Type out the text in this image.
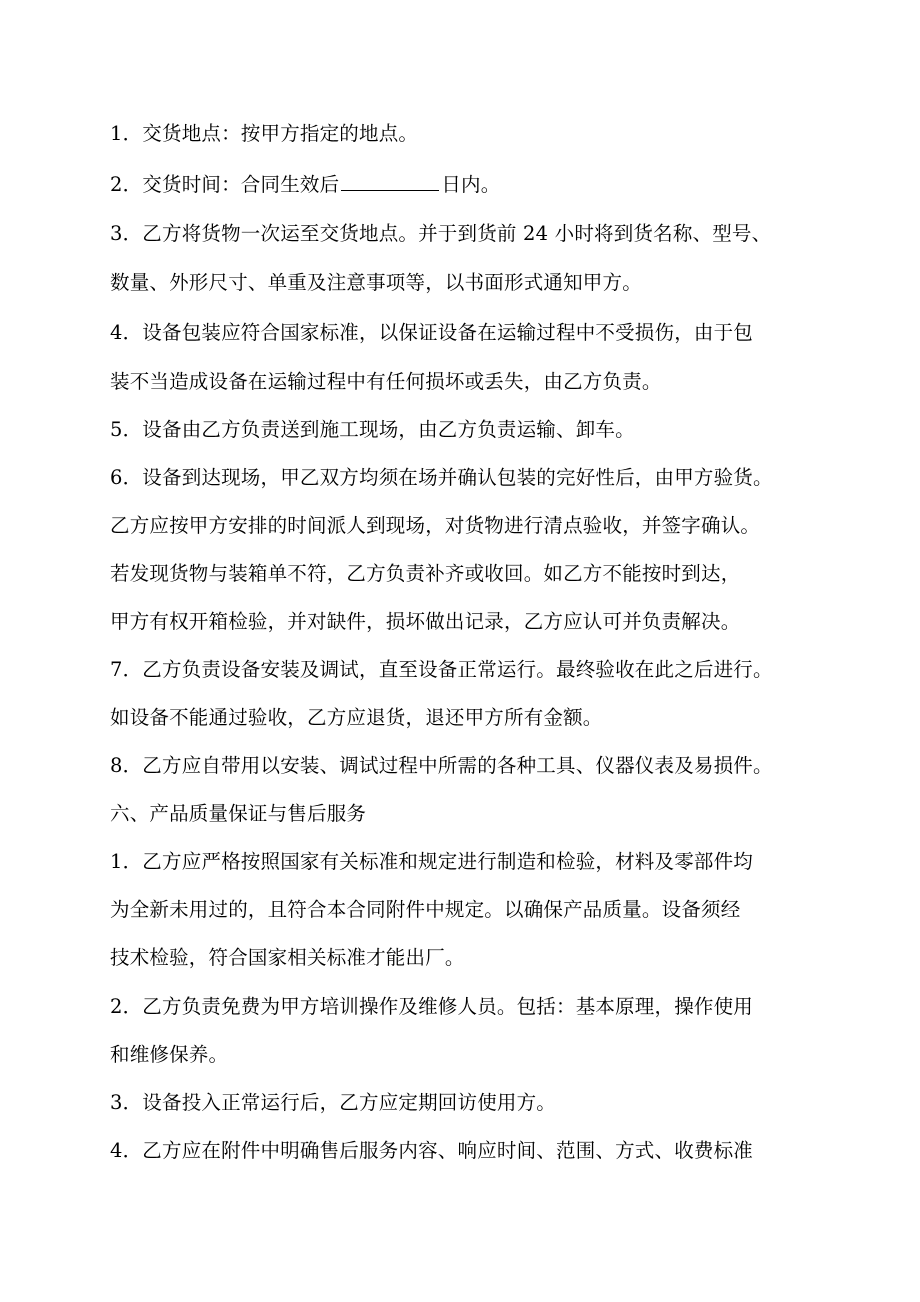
1．交货地点：按甲方指定的地点。
2．交货时间：合同生效后	日内。
3．乙方将货物一次运至交货地点。并于到货前 24 小时将到货名称、型号、
数量、外形尺寸、单重及注意事项等，以书面形式通知甲方。
4．设备包装应符合国家标准，以保证设备在运输过程中不受损伤，由于包
装不当造成设备在运输过程中有任何损坏或丢失，由乙方负责。
5．设备由乙方负责送到施工现场，由乙方负责运输、卸车。
6．设备到达现场，甲乙双方均须在场并确认包装的完好性后，由甲方验货。
乙方应按甲方安排的时间派人到现场，对货物进行清点验收，并签字确认。
若发现货物与装箱单不符，乙方负责补齐或收回。如乙方不能按时到达，
甲方有权开箱检验，并对缺件，损坏做出记录，乙方应认可并负责解决。
7．乙方负责设备安装及调试，直至设备正常运行。最终验收在此之后进行。
如设备不能通过验收，乙方应退货，退还甲方所有金额。
8．乙方应自带用以安装、调试过程中所需的各种工具、仪器仪表及易损件。
六、产品质量保证与售后服务
1．乙方应严格按照国家有关标准和规定进行制造和检验，材料及零部件均
为全新未用过的，且符合本合同附件中规定。以确保产品质量。设备须经
技术检验，符合国家相关标准才能出厂。
2．乙方负责免费为甲方培训操作及维修人员。包括：基本原理，操作使用
和维修保养。
3．设备投入正常运行后，乙方应定期回访使用方。
4．乙方应在附件中明确售后服务内容、响应时间、范围、方式、收费标准
